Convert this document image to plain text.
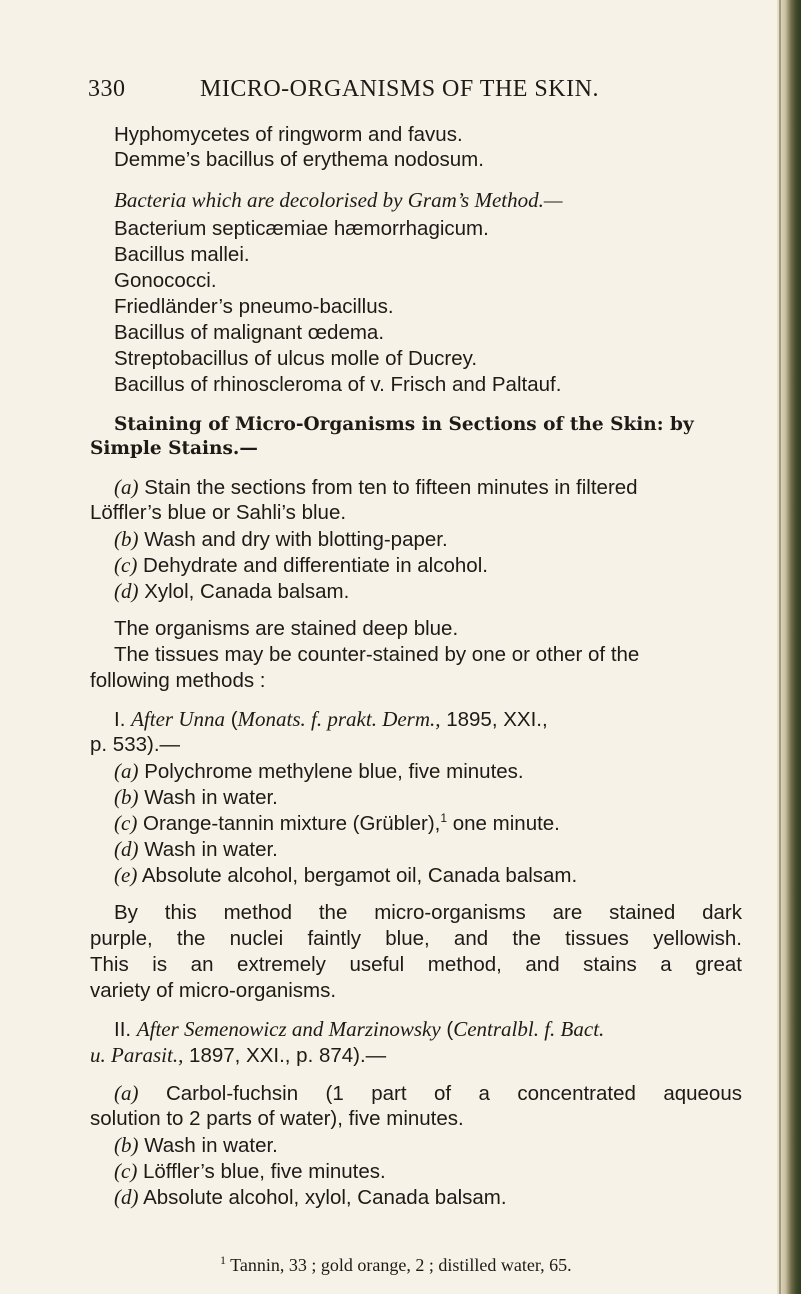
330	MICRO-ORGANISMS OF THE SKIN.
Hyphomycetes of ringworm and favus.
Demme’s bacillus of erythema nodosum.
Bacteria which are decolorised by Gram’s Method.—
Bacterium septicæmiae hæmorrhagicum.
Bacillus mallei.
Gonococci.
Friedländer’s pneumo-bacillus.
Bacillus of malignant œdema.
Streptobacillus of ulcus molle of Ducrey.
Bacillus of rhinoscleroma of v. Frisch and Paltauf.
Staining of Micro-Organisms in Sections of the Skin: by
Simple Stains.—
(a) Stain the sections from ten to fifteen minutes in filtered
Löffler’s blue or Sahli’s blue.
(b) Wash and dry with blotting-paper.
(c) Dehydrate and differentiate in alcohol.
(d) Xylol, Canada balsam.
The organisms are stained deep blue.
The tissues may be counter-stained by one or other of the
following methods :
I. After Unna (Monats. f. prakt. Derm., 1895, XXI.,
p. 533).—
(a) Polychrome methylene blue, five minutes.
(b) Wash in water.
(c) Orange-tannin mixture (Grübler),$^1$ one minute.
(d) Wash in water.
(e) Absolute alcohol, bergamot oil, Canada balsam.
By this method the micro-organisms are stained dark
purple, the nuclei faintly blue, and the tissues yellowish.
This is an extremely useful method, and stains a great
variety of micro-organisms.
II. After Semenowicz and Marzinowsky (Centralbl. f. Bact.
u. Parasit., 1897, XXI., p. 874).—
(a) Carbol-fuchsin (1 part of a concentrated aqueous
solution to 2 parts of water), five minutes.
(b) Wash in water.
(c) Löffler’s blue, five minutes.
(d) Absolute alcohol, xylol, Canada balsam.
$^1$ Tannin, 33 ; gold orange, 2 ; distilled water, 65.
